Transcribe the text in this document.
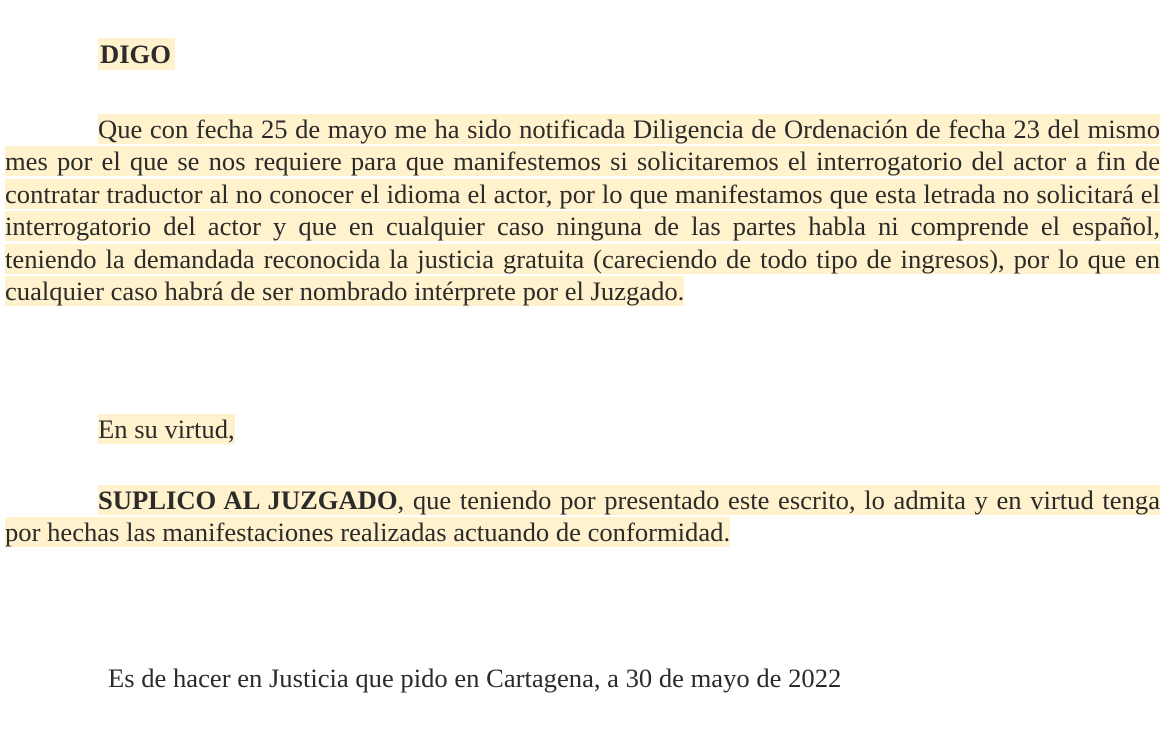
DIGO

Que con fecha 25 de mayo me ha sido notificada Diligencia de Ordenación de fecha 23 del mismo mes por el que se nos requiere para que manifestemos si solicitaremos el interrogatorio del actor a fin de contratar traductor al no conocer el idioma el actor, por lo que manifestamos que esta letrada no solicitará el interrogatorio del actor y que en cualquier caso ninguna de las partes habla ni comprende el español, teniendo la demandada reconocida la justicia gratuita (careciendo de todo tipo de ingresos), por lo que en cualquier caso habrá de ser nombrado intérprete por el Juzgado.

En su virtud,

SUPLICO AL JUZGADO, que teniendo por presentado este escrito, lo admita y en virtud tenga por hechas las manifestaciones realizadas actuando de conformidad.

Es de hacer en Justicia que pido en Cartagena, a 30 de mayo de 2022
